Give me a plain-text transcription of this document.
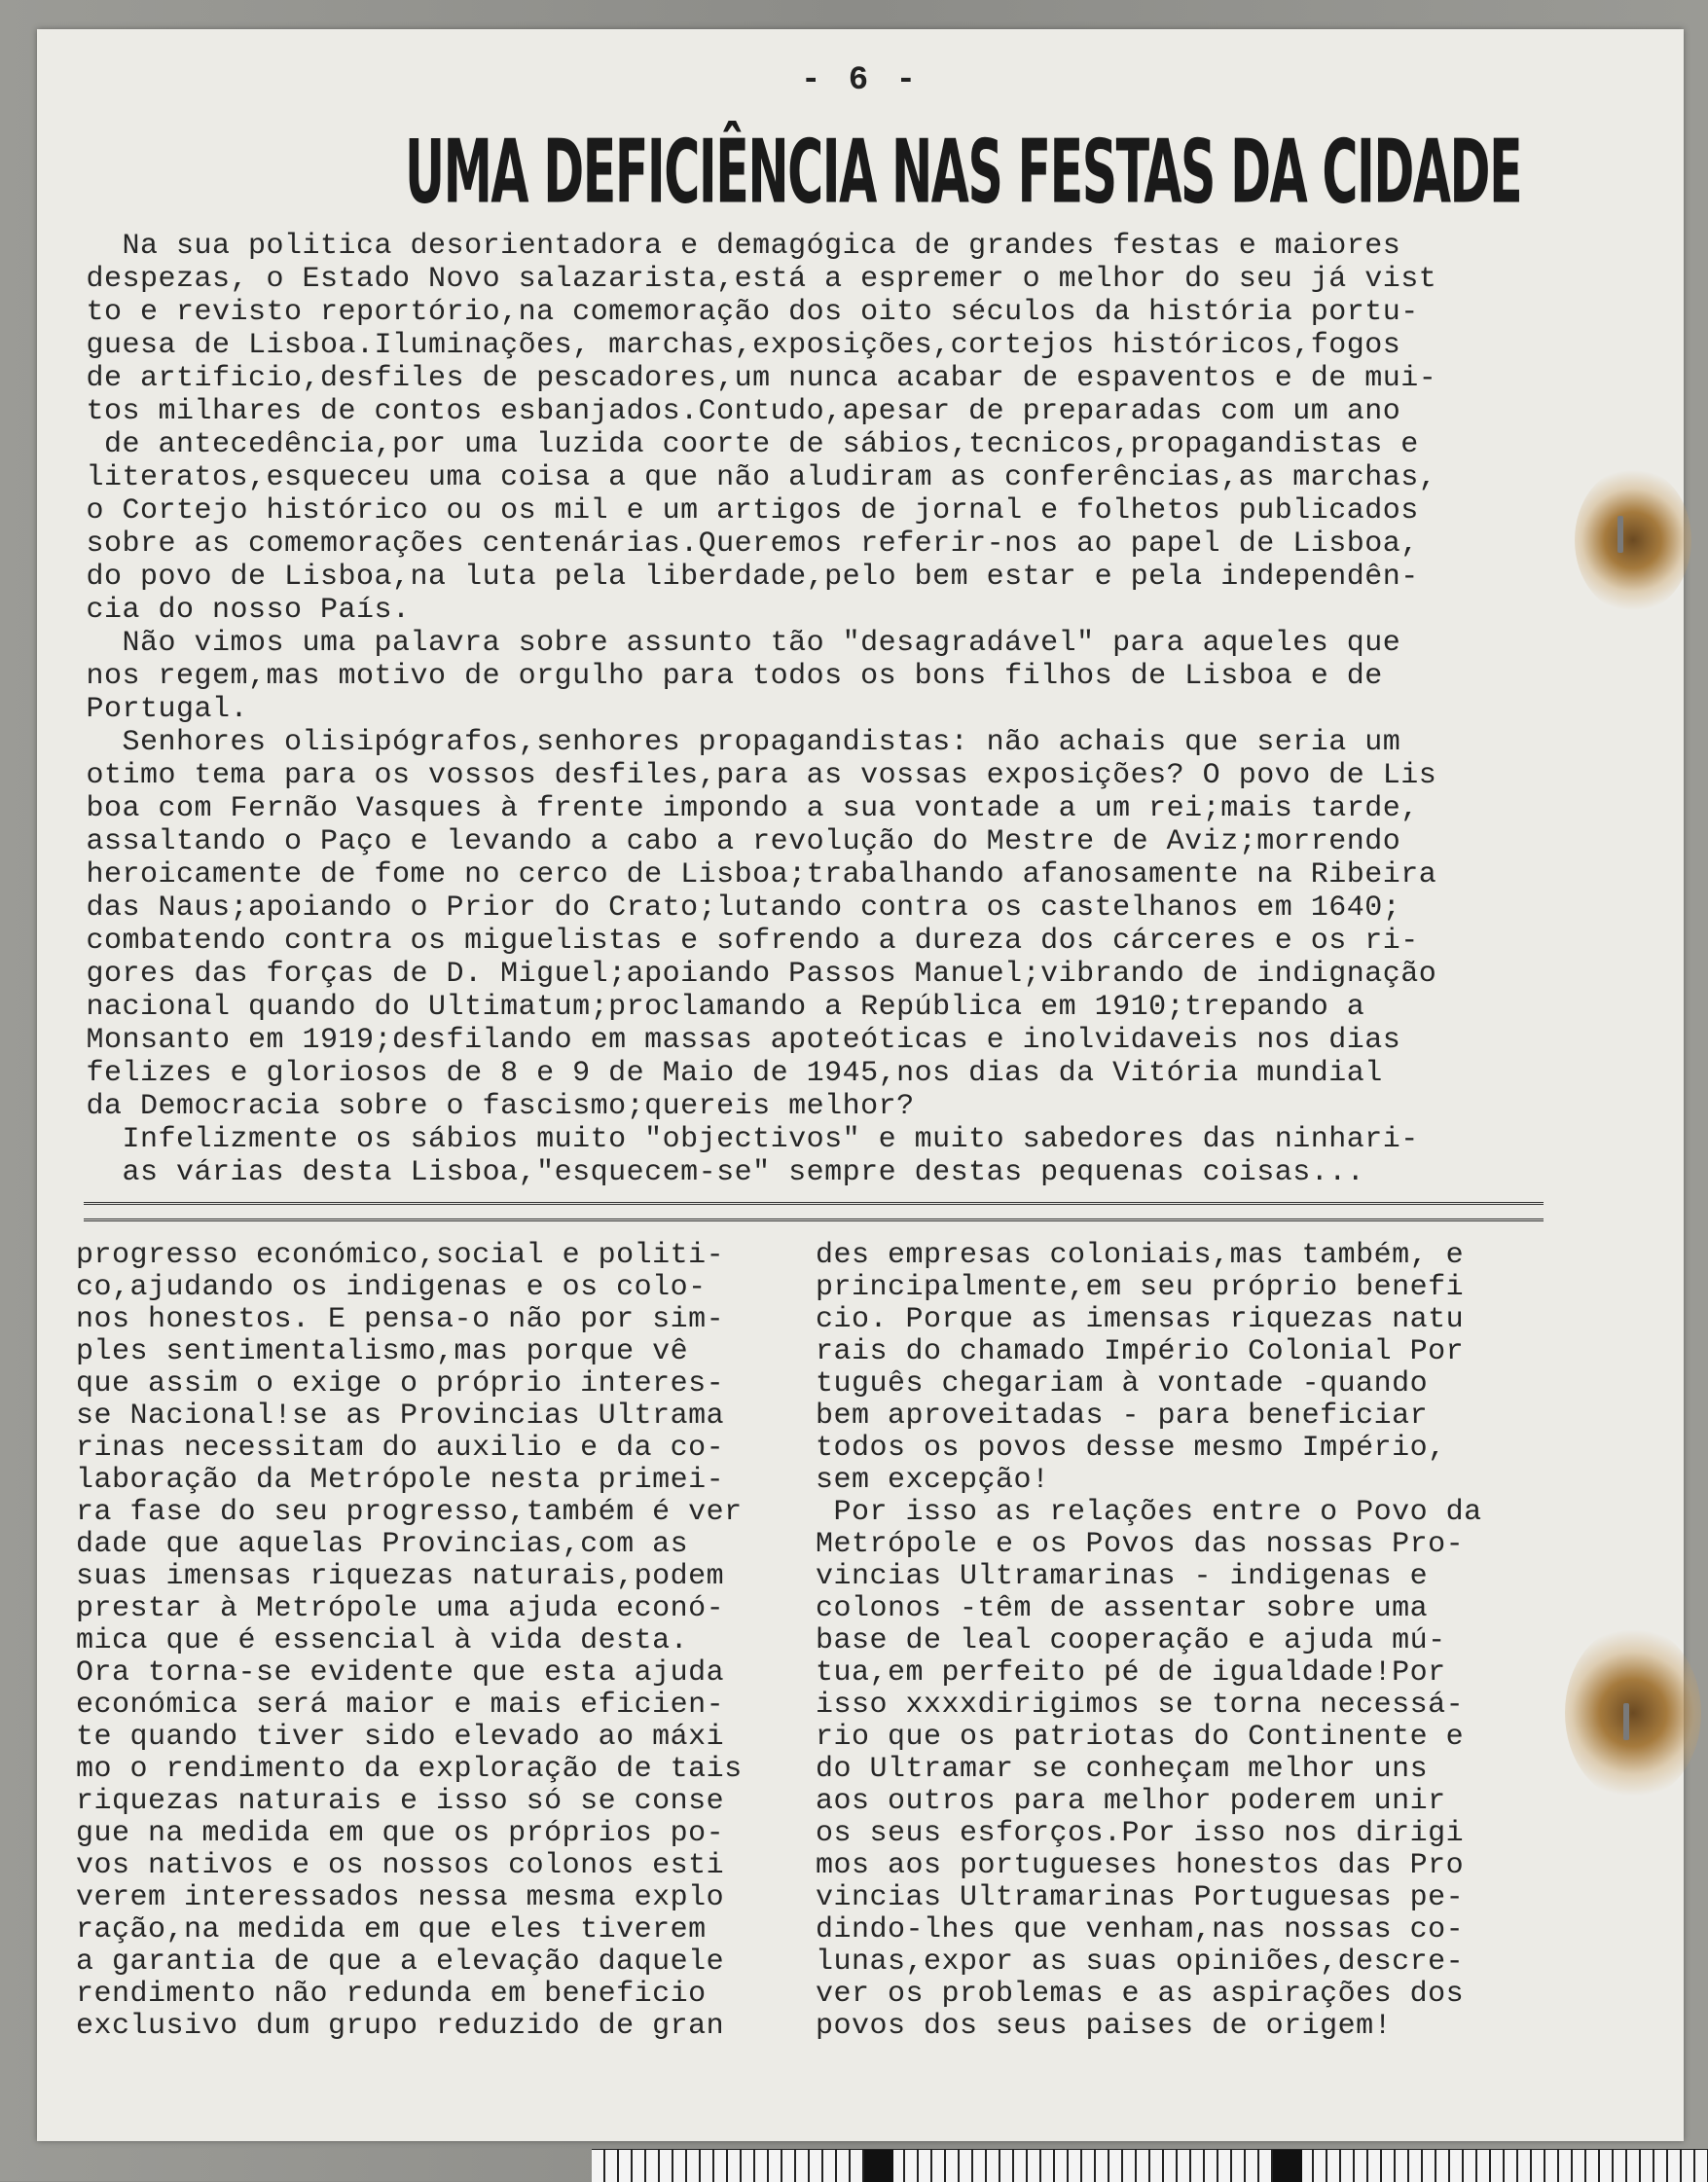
- 6 -
UMA DEFICIÊNCIA NAS FESTAS DA CIDADE
Na sua politica desorientadora e demagógica de grandes festas e maiores
despezas, o Estado Novo salazarista,está a espremer o melhor do seu já vist
to e revisto reportório,na comemoração dos oito séculos da história portu-
guesa de Lisboa.Iluminações, marchas,exposições,cortejos históricos,fogos
de artificio,desfiles de pescadores,um nunca acabar de espaventos e de mui-
tos milhares de contos esbanjados.Contudo,apesar de preparadas com um ano
de antecedência,por uma luzida coorte de sábios,tecnicos,propagandistas e
literatos,esqueceu uma coisa a que não aludiram as conferências,as marchas,
o Cortejo histórico ou os mil e um artigos de jornal e folhetos publicados
sobre as comemorações centenárias.Queremos referir-nos ao papel de Lisboa,
do povo de Lisboa,na luta pela liberdade,pelo bem estar e pela independên-
cia do nosso País.
Não vimos uma palavra sobre assunto tão "desagradável" para aqueles que
nos regem,mas motivo de orgulho para todos os bons filhos de Lisboa e de
Portugal.
Senhores olisipógrafos,senhores propagandistas: não achais que seria um
otimo tema para os vossos desfiles,para as vossas exposições? O povo de Lis
boa com Fernão Vasques à frente impondo a sua vontade a um rei;mais tarde,
assaltando o Paço e levando a cabo a revolução do Mestre de Aviz;morrendo
heroicamente de fome no cerco de Lisboa;trabalhando afanosamente na Ribeira
das Naus;apoiando o Prior do Crato;lutando contra os castelhanos em 1640;
combatendo contra os miguelistas e sofrendo a dureza dos cárceres e os ri-
gores das forças de D. Miguel;apoiando Passos Manuel;vibrando de indignação
nacional quando do Ultimatum;proclamando a República em 1910;trepando a
Monsanto em 1919;desfilando em massas apoteóticas e inolvidaveis nos dias
felizes e gloriosos de 8 e 9 de Maio de 1945,nos dias da Vitória mundial
da Democracia sobre o fascismo;quereis melhor?
Infelizmente os sábios muito "objectivos" e muito sabedores das ninhari-
as várias desta Lisboa,"esquecem-se" sempre destas pequenas coisas...

progresso económico,social e politi-
co,ajudando os indigenas e os colo-
nos honestos. E pensa-o não por sim-
ples sentimentalismo,mas porque vê
que assim o exige o próprio interes-
se Nacional!se as Provincias Ultrama
rinas necessitam do auxilio e da co-
laboração da Metrópole nesta primei-
ra fase do seu progresso,também é ver
dade que aquelas Provincias,com as
suas imensas riquezas naturais,podem
prestar à Metrópole uma ajuda econó-
mica que é essencial à vida desta.
Ora torna-se evidente que esta ajuda
económica será maior e mais eficien-
te quando tiver sido elevado ao máxi
mo o rendimento da exploração de tais
riquezas naturais e isso só se conse
gue na medida em que os próprios po-
vos nativos e os nossos colonos esti
verem interessados nessa mesma explo
ração,na medida em que eles tiverem
a garantia de que a elevação daquele
rendimento não redunda em beneficio
exclusivo dum grupo reduzido de gran

des empresas coloniais,mas também, e
principalmente,em seu próprio benefi
cio. Porque as imensas riquezas natu
rais do chamado Império Colonial Por
tuguês chegariam à vontade -quando
bem aproveitadas - para beneficiar
todos os povos desse mesmo Império,
sem excepção!
Por isso as relações entre o Povo da
Metrópole e os Povos das nossas Pro-
vincias Ultramarinas - indigenas e
colonos -têm de assentar sobre uma
base de leal cooperação e ajuda mú-
tua,em perfeito pé de igualdade!Por
isso xxxxdirigimos se torna necessá-
rio que os patriotas do Continente e
do Ultramar se conheçam melhor uns
aos outros para melhor poderem unir
os seus esforços.Por isso nos dirigi
mos aos portugueses honestos das Pro
vincias Ultramarinas Portuguesas pe-
dindo-lhes que venham,nas nossas co-
lunas,expor as suas opiniões,descre-
ver os problemas e as aspirações dos
povos dos seus paises de origem!
